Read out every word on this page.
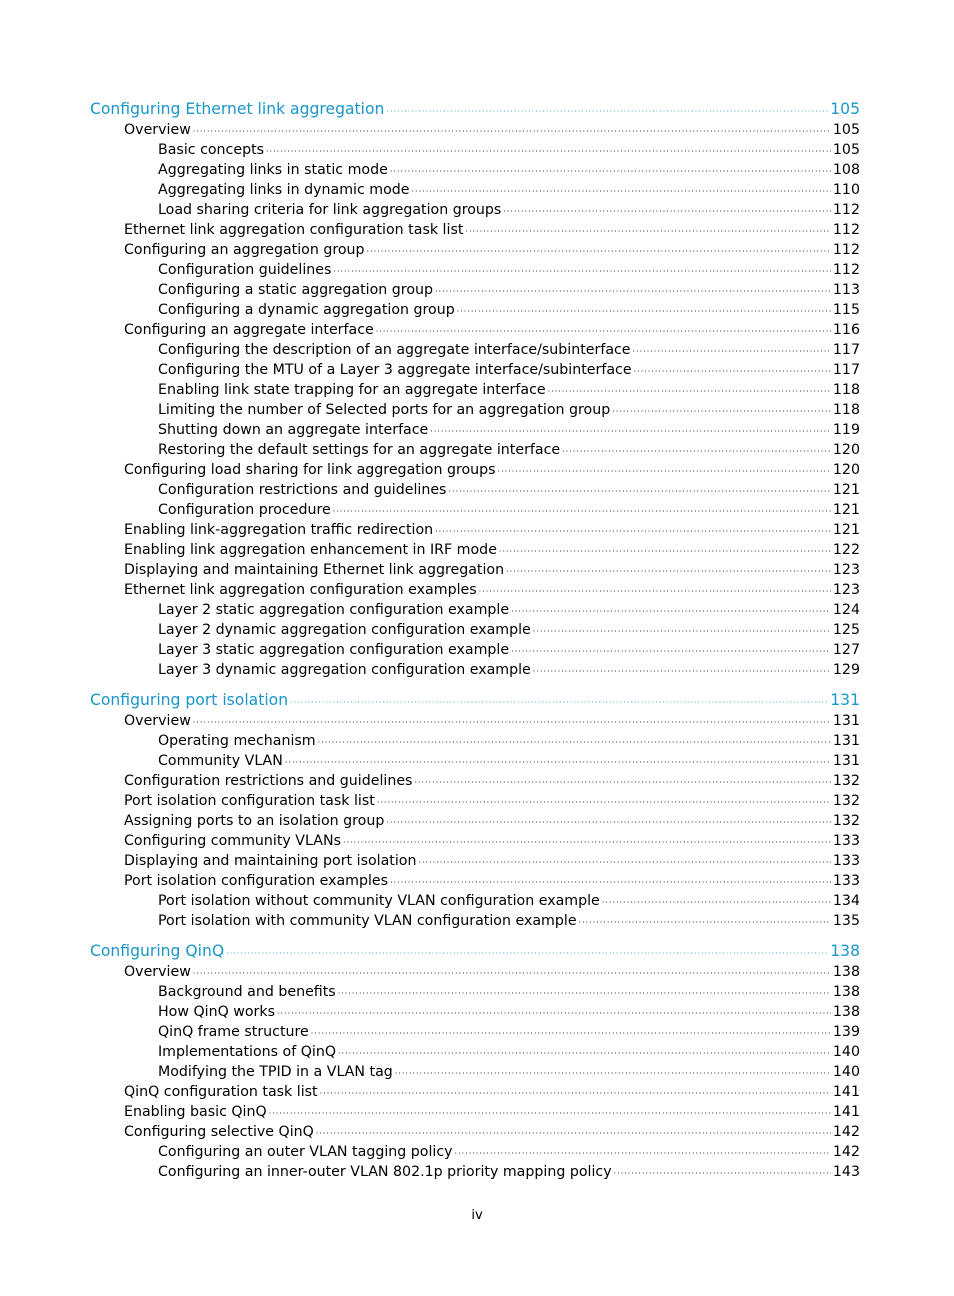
Configuring Ethernet link aggregation ·····	105
Overview ·····	105
Basic concepts ·····	105
Aggregating links in static mode ·····	108
Aggregating links in dynamic mode ·····	110
Load sharing criteria for link aggregation groups ·····	112
Ethernet link aggregation configuration task list ·····	112
Configuring an aggregation group ·····	112
Configuration guidelines ·····	112
Configuring a static aggregation group ·····	113
Configuring a dynamic aggregation group ·····	115
Configuring an aggregate interface ·····	116
Configuring the description of an aggregate interface/subinterface ·····	117
Configuring the MTU of a Layer 3 aggregate interface/subinterface ·····	117
Enabling link state trapping for an aggregate interface ·····	118
Limiting the number of Selected ports for an aggregation group ·····	118
Shutting down an aggregate interface ·····	119
Restoring the default settings for an aggregate interface ·····	120
Configuring load sharing for link aggregation groups ·····	120
Configuration restrictions and guidelines ·····	121
Configuration procedure ·····	121
Enabling link-aggregation traffic redirection ·····	121
Enabling link aggregation enhancement in IRF mode ·····	122
Displaying and maintaining Ethernet link aggregation ·····	123
Ethernet link aggregation configuration examples ·····	123
Layer 2 static aggregation configuration example ·····	124
Layer 2 dynamic aggregation configuration example ·····	125
Layer 3 static aggregation configuration example ·····	127
Layer 3 dynamic aggregation configuration example ·····	129
Configuring port isolation ·····	131
Overview ·····	131
Operating mechanism ·····	131
Community VLAN ·····	131
Configuration restrictions and guidelines ·····	132
Port isolation configuration task list ·····	132
Assigning ports to an isolation group ·····	132
Configuring community VLANs ·····	133
Displaying and maintaining port isolation ·····	133
Port isolation configuration examples ·····	133
Port isolation without community VLAN configuration example ·····	134
Port isolation with community VLAN configuration example ·····	135
Configuring QinQ ·····	138
Overview ·····	138
Background and benefits ·····	138
How QinQ works ·····	138
QinQ frame structure ·····	139
Implementations of QinQ ·····	140
Modifying the TPID in a VLAN tag ·····	140
QinQ configuration task list ·····	141
Enabling basic QinQ ·····	141
Configuring selective QinQ ·····	142
Configuring an outer VLAN tagging policy ·····	142
Configuring an inner-outer VLAN 802.1p priority mapping policy ·····	143
iv
